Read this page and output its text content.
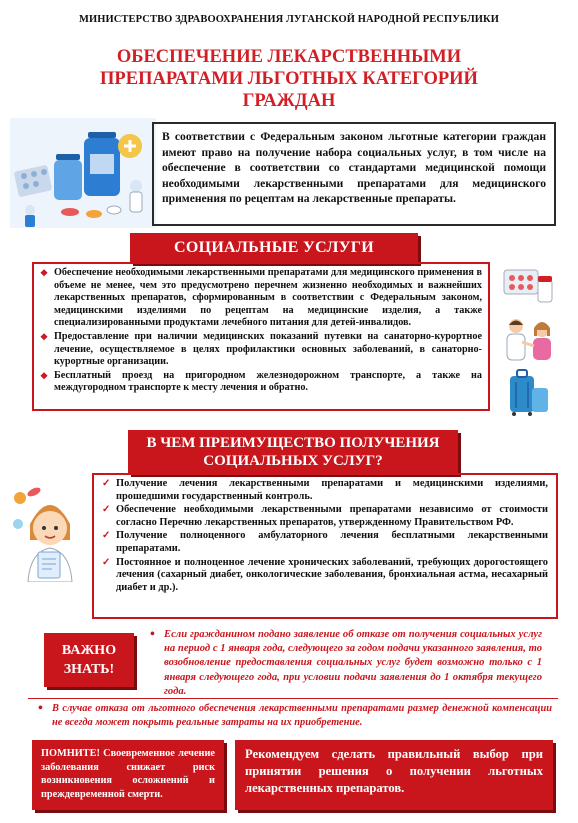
МИНИСТЕРСТВО ЗДРАВООХРАНЕНИЯ ЛУГАНСКОЙ НАРОДНОЙ РЕСПУБЛИКИ
ОБЕСПЕЧЕНИЕ ЛЕКАРСТВЕННЫМИ ПРЕПАРАТАМИ ЛЬГОТНЫХ КАТЕГОРИЙ ГРАЖДАН
В соответствии с Федеральным законом льготные категории граждан имеют право на получение набора социальных услуг, в том числе на обеспечение в соответствии со стандартами медицинской помощи необходимыми лекарственными препаратами для медицинского применения по рецептам на лекарственные препараты.
СОЦИАЛЬНЫЕ УСЛУГИ
❖ Обеспечение необходимыми лекарственными препаратами для медицинского применения в объеме не менее, чем это предусмотрено перечнем жизненно необходимых и важнейших лекарственных препаратов, сформированным в соответствии с Федеральным законом, медицинскими изделиями по рецептам на медицинские изделия, а также специализированными продуктами лечебного питания для детей-инвалидов.
❖ Предоставление при наличии медицинских показаний путевки на санаторно-курортное лечение, осуществляемое в целях профилактики основных заболеваний, в санаторно-курортные организации.
❖ Бесплатный проезд на пригородном железнодорожном транспорте, а также на междугородном транспорте к месту лечения и обратно.
В ЧЕМ ПРЕИМУЩЕСТВО ПОЛУЧЕНИЯ
СОЦИАЛЬНЫХ УСЛУГ?
✓ Получение лечения лекарственными препаратами и медицинскими изделиями, прошедшими государственный контроль.
✓ Обеспечение необходимыми лекарственными препаратами независимо от стоимости согласно Перечню лекарственных препаратов, утвержденному Правительством РФ.
✓ Получение полноценного амбулаторного лечения бесплатными лекарственными препаратами.
✓ Постоянное и полноценное лечение хронических заболеваний, требующих дорогостоящего лечения (сахарный диабет, онкологические заболевания, бронхиальная астма, несахарный диабет и др.).
ВАЖНО
ЗНАТЬ!
• Если гражданином подано заявление об отказе от получения социальных услуг на период с 1 января года, следующего за годом подачи указанного заявления, то возобновление предоставления социальных услуг будет возможно только с 1 января следующего года, при условии подачи заявления до 1 октября текущего года.
• В случае отказа от льготного обеспечения лекарственными препаратами размер денежной компенсации не всегда может покрыть реальные затраты на их приобретение.
ПОМНИТЕ! Своевременное лечение заболевания снижает риск возникновения осложнений и преждевременной смерти.
Рекомендуем сделать правильный выбор при принятии решения о получении льготных лекарственных препаратов.
